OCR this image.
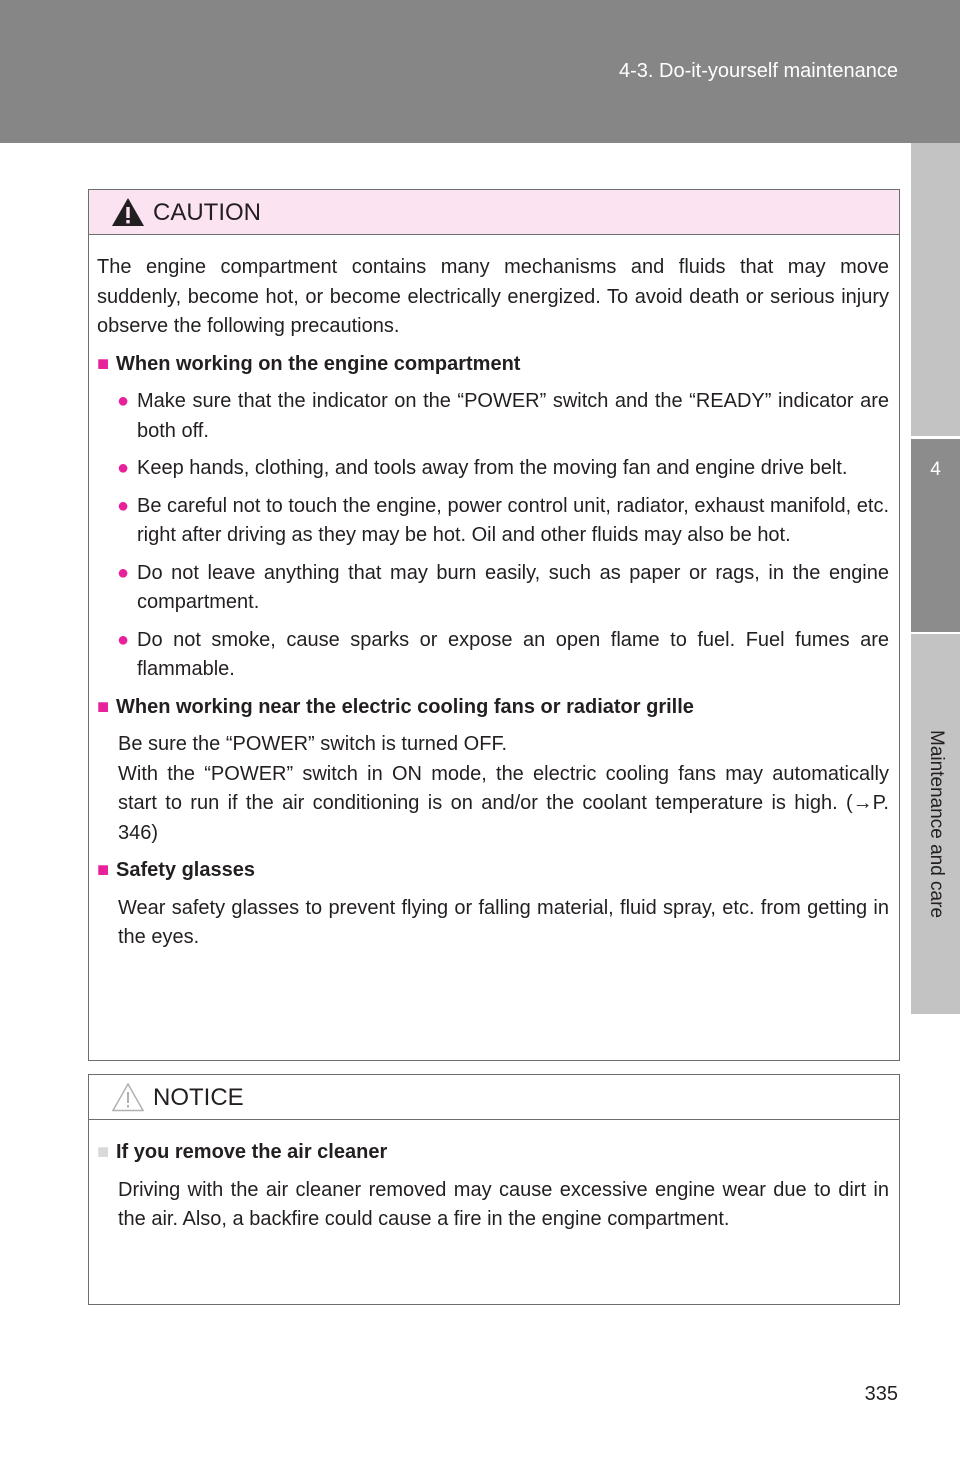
4-3. Do-it-yourself maintenance
4
Maintenance and care
CAUTION

The engine compartment contains many mechanisms and fluids that may move suddenly, become hot, or become electrically energized. To avoid death or serious injury observe the following precautions.

■ When working on the engine compartment
● Make sure that the indicator on the “POWER” switch and the “READY” indicator are both off.
● Keep hands, clothing, and tools away from the moving fan and engine drive belt.
● Be careful not to touch the engine, power control unit, radiator, exhaust manifold, etc. right after driving as they may be hot. Oil and other fluids may also be hot.
● Do not leave anything that may burn easily, such as paper or rags, in the engine compartment.
● Do not smoke, cause sparks or expose an open flame to fuel. Fuel fumes are flammable.
■ When working near the electric cooling fans or radiator grille
Be sure the “POWER” switch is turned OFF.
With the “POWER” switch in ON mode, the electric cooling fans may automatically start to run if the air conditioning is on and/or the coolant temperature is high. (→P. 346)
■ Safety glasses
Wear safety glasses to prevent flying or falling material, fluid spray, etc. from getting in the eyes.
NOTICE
■ If you remove the air cleaner
Driving with the air cleaner removed may cause excessive engine wear due to dirt in the air. Also, a backfire could cause a fire in the engine compartment.
335
